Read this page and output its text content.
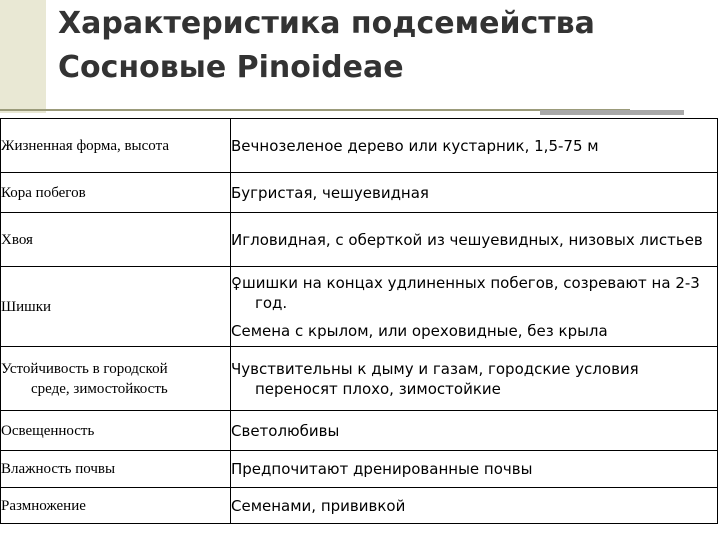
Характеристика подсемейства
Сосновые Pinoideae
Жизненная форма, высота	Вечнозеленое дерево или кустарник, 1,5-75 м

Кора побегов	Бугристая, чешуевидная

Хвоя	Игловидная, с оберткой из чешуевидных, низовых листьев

Шишки	♀шишки на концах удлиненных побегов, созревают на 2-3 год.
Семена с крылом, или ореховидные, без крыла

Устойчивость в городской
среде, зимостойкость	Чувствительны к дыму и газам, городские условия переносят плохо, зимостойкие

Освещенность	Светолюбивы

Влажность почвы	Предпочитают дренированные почвы

Размножение	Семенами, прививкой
